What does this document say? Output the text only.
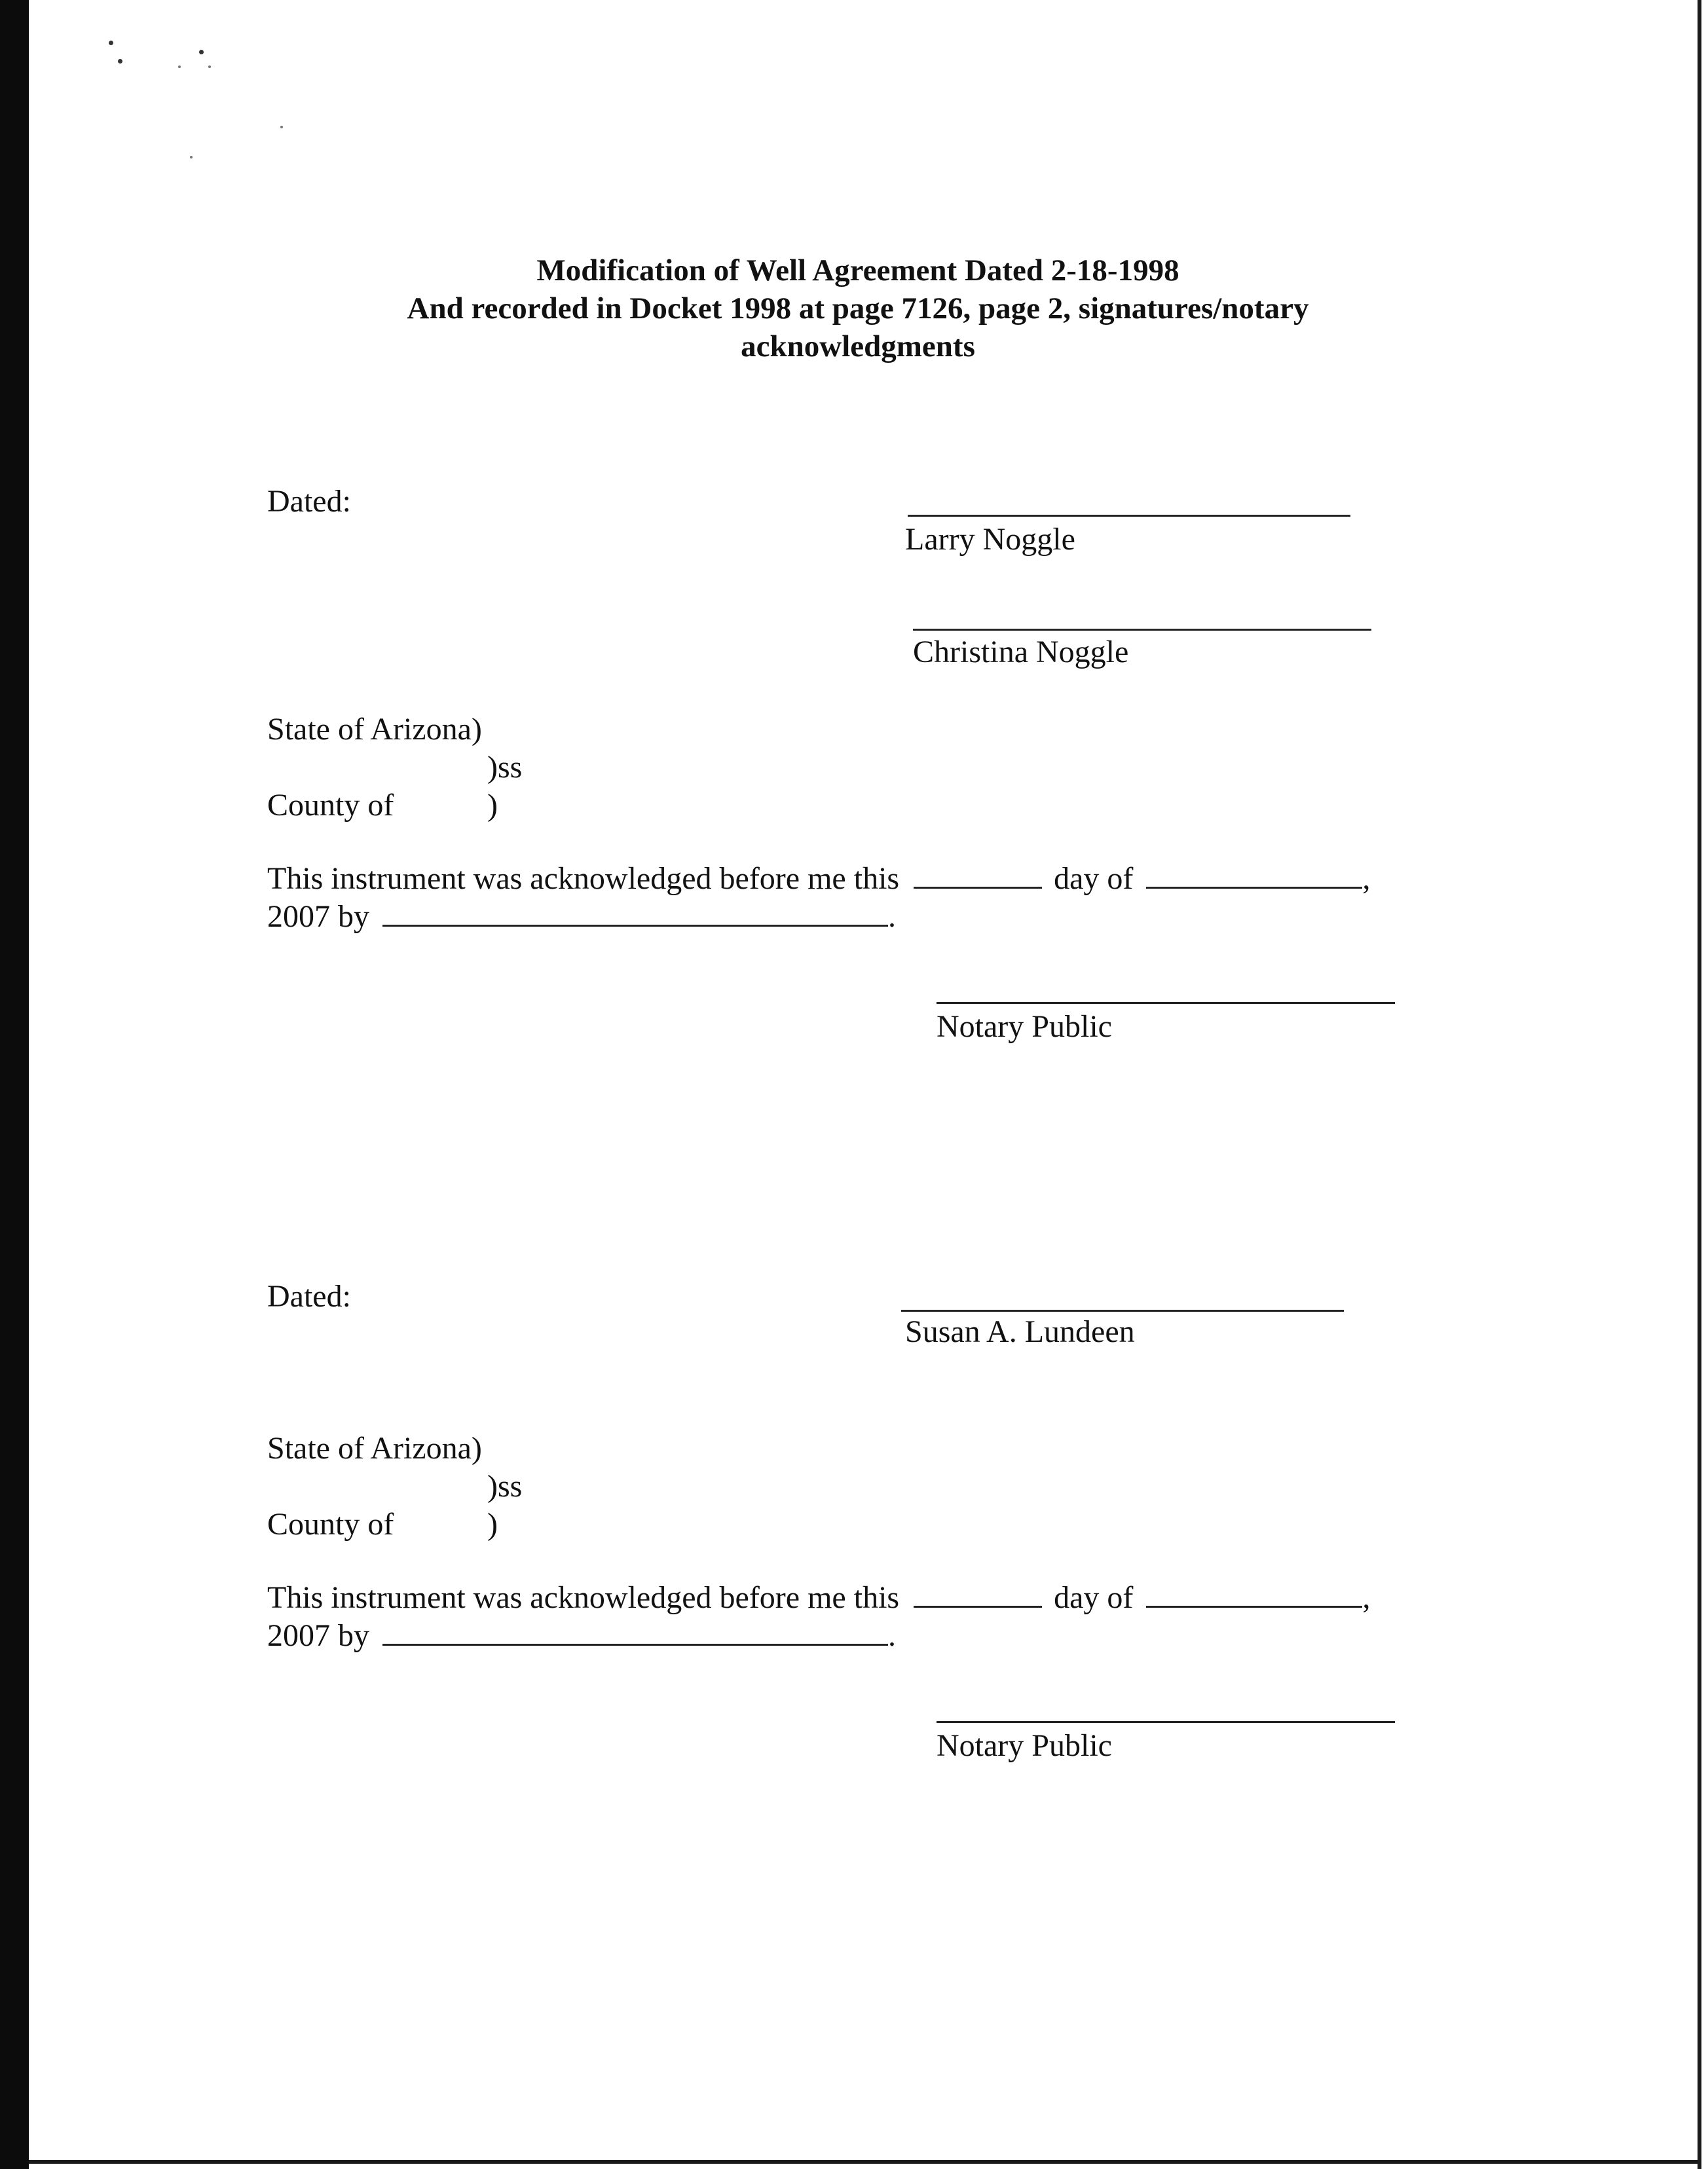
Modification of Well Agreement Dated 2-18-1998
And recorded in Docket 1998 at page 7126, page 2, signatures/notary
acknowledgments
Dated:
Larry Noggle
Christina Noggle
State of Arizona)
)ss
County of	)
This instrument was acknowledged before me this	day of	,
2007 by	.
Notary Public
Dated:
Susan A. Lundeen
State of Arizona)
)ss
County of	)
This instrument was acknowledged before me this	day of	,
2007 by	.
Notary Public
